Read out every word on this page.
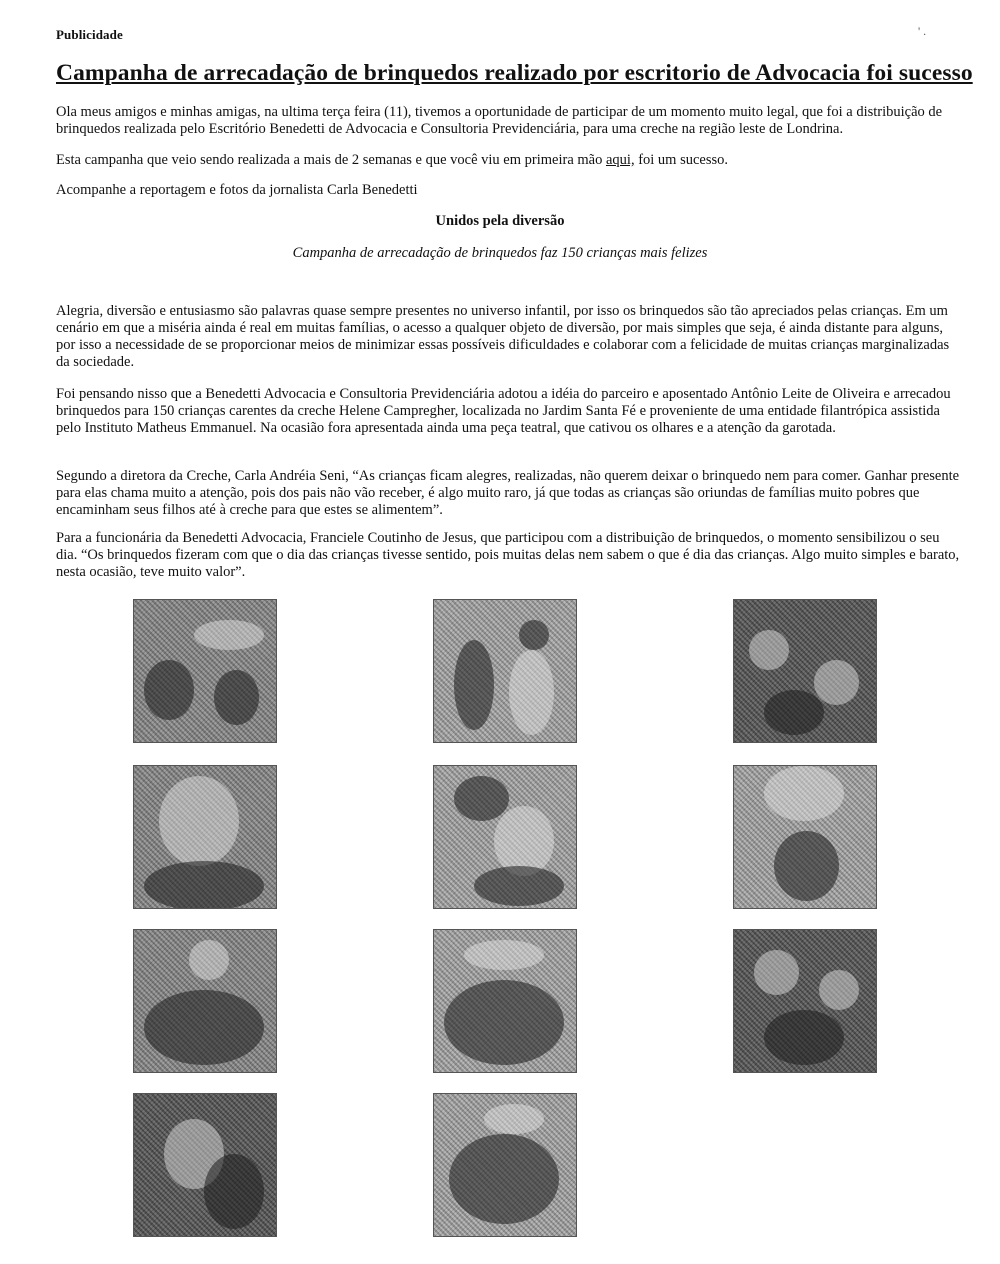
Publicidade	' .
Campanha de arrecadação de brinquedos realizado por escritorio de Advocacia foi sucesso

Ola meus amigos e minhas amigas, na ultima terça feira (11), tivemos a oportunidade de participar de um momento muito legal, que foi a distribuição de brinquedos realizada pelo Escritório Benedetti de Advocacia e Consultoria Previdenciária, para uma creche na região leste de Londrina.

Esta campanha que veio sendo realizada a mais de 2 semanas e que você viu em primeira mão aqui, foi um sucesso.

Acompanhe a reportagem e fotos da jornalista Carla Benedetti

Unidos pela diversão
Campanha de arrecadação de brinquedos faz 150 crianças mais felizes

Alegria, diversão e entusiasmo são palavras quase sempre presentes no universo infantil, por isso os brinquedos são tão apreciados pelas crianças. Em um cenário em que a miséria ainda é real em muitas famílias, o acesso a qualquer objeto de diversão, por mais simples que seja, é ainda distante para alguns, por isso a necessidade de se proporcionar meios de minimizar essas possíveis dificuldades e colaborar com a felicidade de muitas crianças marginalizadas da sociedade.

Foi pensando nisso que a Benedetti Advocacia e Consultoria Previdenciária adotou a idéia do parceiro e aposentado Antônio Leite de Oliveira e arrecadou brinquedos para 150 crianças carentes da creche Helene Campregher, localizada no Jardim Santa Fé e proveniente de uma entidade filantrópica assistida pelo Instituto Matheus Emmanuel. Na ocasião fora apresentada ainda uma peça teatral, que cativou os olhares e a atenção da garotada.

Segundo a diretora da Creche, Carla Andréia Seni, “As crianças ficam alegres, realizadas, não querem deixar o brinquedo nem para comer. Ganhar presente para elas chama muito a atenção, pois dos pais não vão receber, é algo muito raro, já que todas as crianças são oriundas de famílias muito pobres que encaminham seus filhos até à creche para que estes se alimentem”.

Para a funcionária da Benedetti Advocacia, Franciele Coutinho de Jesus, que participou com a distribuição de brinquedos, o momento sensibilizou o seu dia. “Os brinquedos fizeram com que o dia das crianças tivesse sentido, pois muitas delas nem sabem o que é dia das crianças. Algo muito simples e barato, nesta ocasião, teve muito valor”.
